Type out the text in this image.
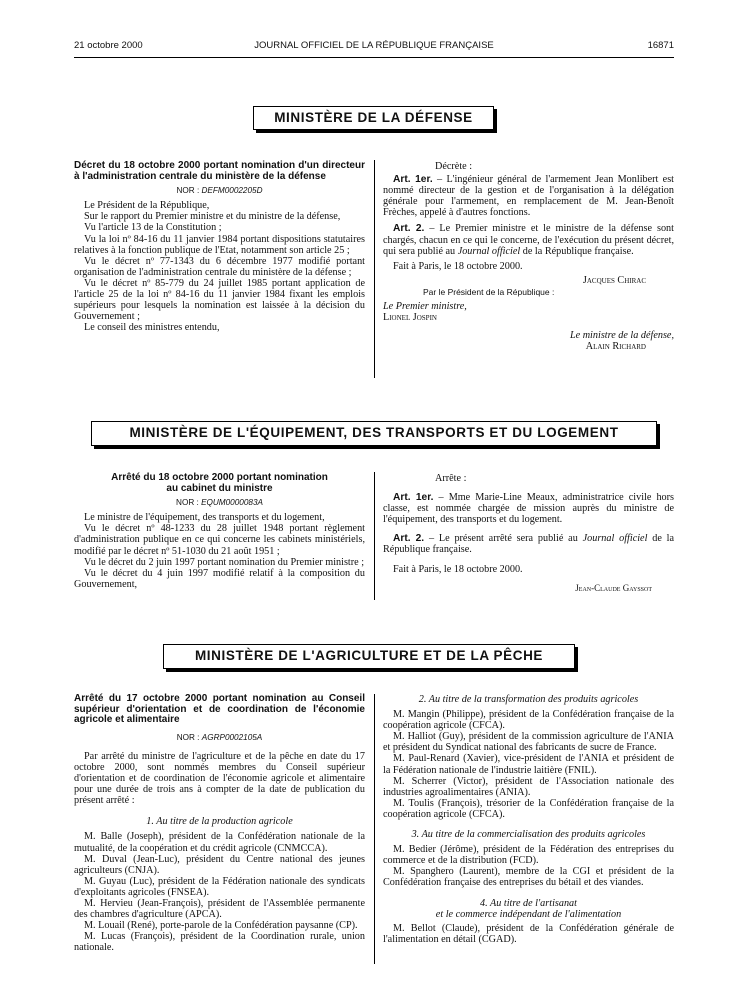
21 octobre 2000	JOURNAL OFFICIEL DE LA RÉPUBLIQUE FRANÇAISE	16871
MINISTÈRE DE LA DÉFENSE
Décret du 18 octobre 2000 portant nomination d'un directeur à l'administration centrale du ministère de la défense
NOR : DEFM0002205D

Le Président de la République,

Sur le rapport du Premier ministre et du ministre de la défense,

Vu l'article 13 de la Constitution ;

Vu la loi nº 84-16 du 11 janvier 1984 portant dispositions statutaires relatives à la fonction publique de l'Etat, notamment son article 25 ;

Vu le décret nº 77-1343 du 6 décembre 1977 modifié portant organisation de l'administration centrale du ministère de la défense ;

Vu le décret nº 85-779 du 24 juillet 1985 portant application de l'article 25 de la loi nº 84-16 du 11 janvier 1984 fixant les emplois supérieurs pour lesquels la nomination est laissée à la décision du Gouvernement ;

Le conseil des ministres entendu,

Décrète :

Art. 1er. – L'ingénieur général de l'armement Jean Monlibert est nommé directeur de la gestion et de l'organisation à la délégation générale pour l'armement, en remplacement de M. Jean-Benoît Frèches, appelé à d'autres fonctions.

Art. 2. – Le Premier ministre et le ministre de la défense sont chargés, chacun en ce qui le concerne, de l'exécution du présent décret, qui sera publié au Journal officiel de la République française.

Fait à Paris, le 18 octobre 2000.

Jacques Chirac

Par le Président de la République :

Le Premier ministre,

Lionel Jospin

Le ministre de la défense,

Alain Richard

MINISTÈRE DE L'ÉQUIPEMENT, DES TRANSPORTS ET DU LOGEMENT
Arrêté du 18 octobre 2000 portant nomination
au cabinet du ministre
NOR : EQUM0000083A

Le ministre de l'équipement, des transports et du logement,

Vu le décret nº 48-1233 du 28 juillet 1948 portant règlement d'administration publique en ce qui concerne les cabinets ministériels, modifié par le décret nº 51-1030 du 21 août 1951 ;

Vu le décret du 2 juin 1997 portant nomination du Premier ministre ;

Vu le décret du 4 juin 1997 modifié relatif à la composition du Gouvernement,

Arrête :

Art. 1er. – Mme Marie-Line Meaux, administratrice civile hors classe, est nommée chargée de mission auprès du ministre de l'équipement, des transports et du logement.

Art. 2. – Le présent arrêté sera publié au Journal officiel de la République française.

Fait à Paris, le 18 octobre 2000.

Jean-Claude Gayssot

MINISTÈRE DE L'AGRICULTURE ET DE LA PÊCHE
Arrêté du 17 octobre 2000 portant nomination au Conseil supérieur d'orientation et de coordination de l'économie agricole et alimentaire
NOR : AGRP0002105A

Par arrêté du ministre de l'agriculture et de la pêche en date du 17 octobre 2000, sont nommés membres du Conseil supérieur d'orientation et de coordination de l'économie agricole et alimentaire pour une durée de trois ans à compter de la date de publication du présent arrêté :

1. Au titre de la production agricole

M. Balle (Joseph), président de la Confédération nationale de la mutualité, de la coopération et du crédit agricole (CNMCCA).

M. Duval (Jean-Luc), président du Centre national des jeunes agriculteurs (CNJA).

M. Guyau (Luc), président de la Fédération nationale des syndicats d'exploitants agricoles (FNSEA).

M. Hervieu (Jean-François), président de l'Assemblée permanente des chambres d'agriculture (APCA).

M. Louail (René), porte-parole de la Confédération paysanne (CP).

M. Lucas (François), président de la Coordination rurale, union nationale.

2. Au titre de la transformation des produits agricoles

M. Mangin (Philippe), président de la Confédération française de la coopération agricole (CFCA).

M. Halliot (Guy), président de la commission agriculture de l'ANIA et président du Syndicat national des fabricants de sucre de France.

M. Paul-Renard (Xavier), vice-président de l'ANIA et président de la Fédération nationale de l'industrie laitière (FNIL).

M. Scherrer (Victor), président de l'Association nationale des industries agroalimentaires (ANIA).

M. Toulis (François), trésorier de la Confédération française de la coopération agricole (CFCA).

3. Au titre de la commercialisation des produits agricoles

M. Bedier (Jérôme), président de la Fédération des entreprises du commerce et de la distribution (FCD).

M. Spanghero (Laurent), membre de la CGI et président de la Confédération française des entreprises du bétail et des viandes.

4. Au titre de l'artisanat

et le commerce indépendant de l'alimentation

M. Bellot (Claude), président de la Confédération générale de l'alimentation en détail (CGAD).
